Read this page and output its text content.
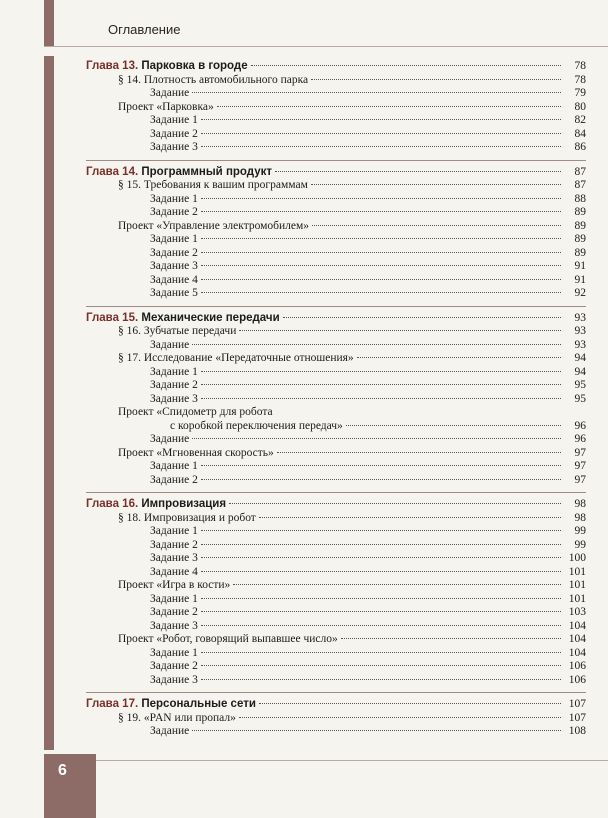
Оглавление
Глава 13. Парковка в городе	78
§ 14. Плотность автомобильного парка	78
Задание	79
Проект «Парковка»	80
Задание 1	82
Задание 2	84
Задание 3	86
Глава 14. Программный продукт	87
§ 15. Требования к вашим программам	87
Задание 1	88
Задание 2	89
Проект «Управление электромобилем»	89
Задание 1	89
Задание 2	89
Задание 3	91
Задание 4	91
Задание 5	92
Глава 15. Механические передачи	93
§ 16. Зубчатые передачи	93
Задание	93
§ 17. Исследование «Передаточные отношения»	94
Задание 1	94
Задание 2	95
Задание 3	95
Проект «Спидометр для робота
с коробкой переключения передач»	96
Задание	96
Проект «Мгновенная скорость»	97
Задание 1	97
Задание 2	97
Глава 16. Импровизация	98
§ 18. Импровизация и робот	98
Задание 1	99
Задание 2	99
Задание 3	100
Задание 4	101
Проект «Игра в кости»	101
Задание 1	101
Задание 2	103
Задание 3	104
Проект «Робот, говорящий выпавшее число»	104
Задание 1	104
Задание 2	106
Задание 3	106
Глава 17. Персональные сети	107
§ 19. «PAN или пропал»	107
Задание	108
6
